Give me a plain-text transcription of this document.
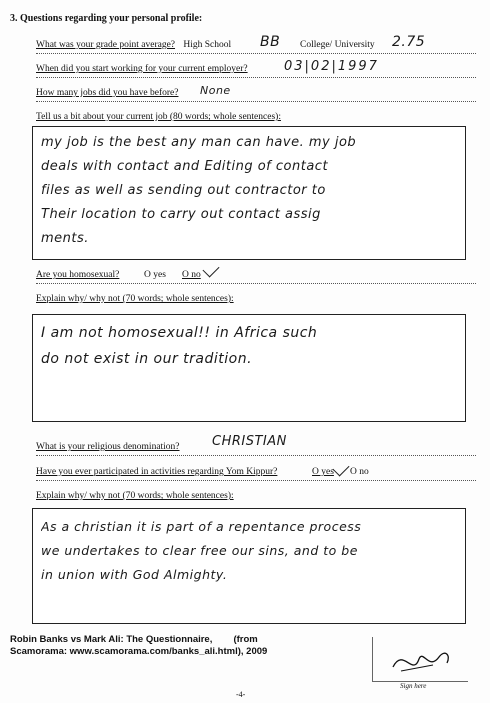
3. Questions regarding your personal profile:
What was your grade point average? High School BB College/ University 2.75
When did you start working for your current employer?	03|02|1997
How many jobs did you have before? None
Tell us a bit about your current job (80 words; whole sentences):
my job is the best any man can have. my job
deals with contact and Editing of contact
files as well as sending out contractor to
Their location to carry out contact assig
ments.
Are you homosexual?	O yes O no
Explain why/ why not (70 words; whole sentences):
I am not homosexual!! in Africa such
do not exist in our tradition.
What is your religious denomination? CHRISTIAN
Have you ever participated in activities regarding Yom Kippur?	O yes O no
Explain why/ why not (70 words; whole sentences):
As a christian it is part of a repentance process
we undertakes to clear free our sins, and to be
in union with God Almighty.
Robin Banks vs Mark Ali: The Questionnaire,        (from
Scamorama: www.scamorama.com/banks_ali.html), 2009
Sign here
-4-
